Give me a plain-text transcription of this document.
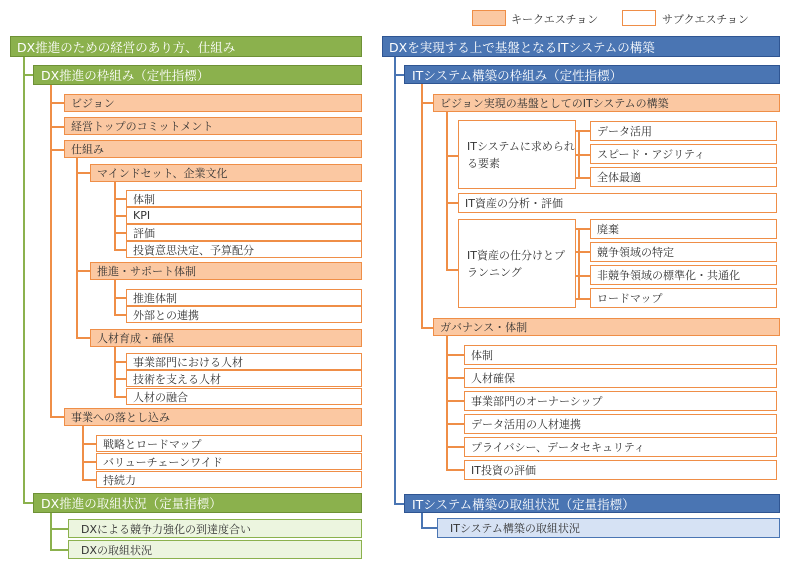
キークエスチョン	サブクエスチョン
DX推進のための経営のあり方、仕組み
DX推進の枠組み（定性指標）
ビジョン
経営トップのコミットメント
仕組み
マインドセット、企業文化
体制
KPI
評価
投資意思決定、予算配分
推進・サポート体制
推進体制
外部との連携
人材育成・確保
事業部門における人材
技術を支える人材
人材の融合
事業への落とし込み
戦略とロードマップ
バリューチェーンワイド
持続力
DX推進の取組状況（定量指標）
DXによる競争力強化の到達度合い
DXの取組状況
DXを実現する上で基盤となるITシステムの構築
ITシステム構築の枠組み（定性指標）
ビジョン実現の基盤としてのITシステムの構築
ITシステムに求められる要素
データ活用
スピード・アジリティ
全体最適
IT資産の分析・評価
IT資産の仕分けとプランニング
廃棄
競争領域の特定
非競争領域の標準化・共通化
ロードマップ
ガバナンス・体制
体制
人材確保
事業部門のオーナーシップ
データ活用の人材連携
プライバシー、データセキュリティ
IT投資の評価
ITシステム構築の取組状況（定量指標）
ITシステム構築の取組状況
